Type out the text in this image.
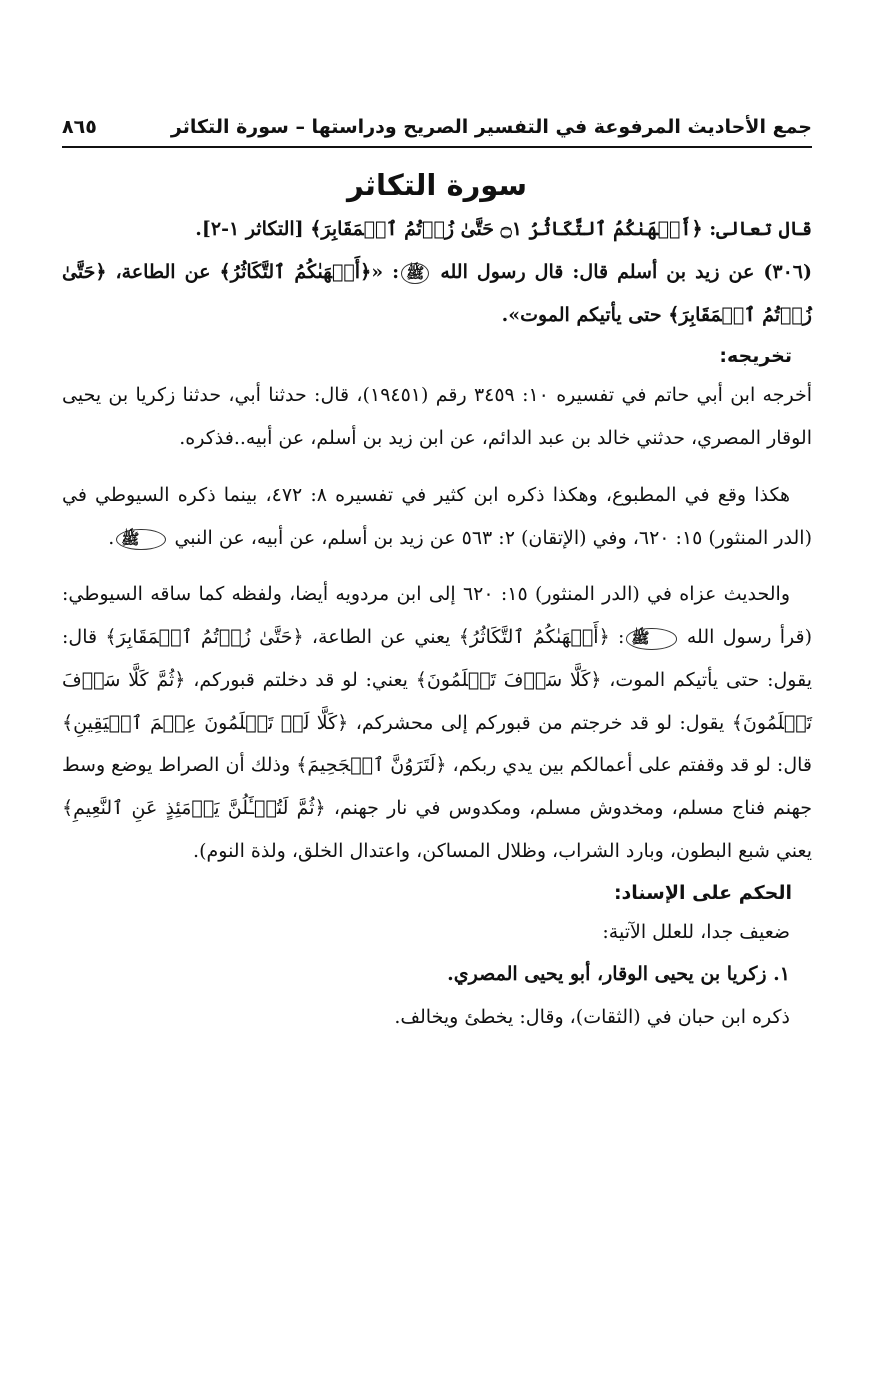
جمع الأحاديث المرفوعة في التفسير الصريح ودراستها – سورة التكاثر
٨٦٥
سورة التكاثر

قال تعالى: ﴿أَلۡهَىٰكُمُ ٱلتَّكَاثُرُ ۝١ حَتَّىٰ زُرۡتُمُ ٱلۡمَقَابِرَ﴾ [التكاثر ١-٢].

(٣٠٦) عن زيد بن أسلم قال: قال رسول الله ﷺ: «﴿أَلۡهَىٰكُمُ ٱلتَّكَاثُرُ﴾ عن الطاعة، ﴿حَتَّىٰ زُرۡتُمُ ٱلۡمَقَابِرَ﴾ حتى يأتيكم الموت».

تخريجه:

أخرجه ابن أبي حاتم في تفسيره ١٠: ٣٤٥٩ رقم (١٩٤٥١)، قال: حدثنا أبي، حدثنا زكريا بن يحيى الوقار المصري، حدثني خالد بن عبد الدائم، عن ابن زيد بن أسلم، عن أبيه..فذكره.

هكذا وقع في المطبوع، وهكذا ذكره ابن كثير في تفسيره ٨: ٤٧٢، بينما ذكره السيوطي في (الدر المنثور) ١٥: ٦٢٠، وفي (الإتقان) ٢: ٥٦٣ عن زيد بن أسلم، عن أبيه، عن النبي ﷺ.

والحديث عزاه في (الدر المنثور) ١٥: ٦٢٠ إلى ابن مردويه أيضا، ولفظه كما ساقه السيوطي: (قرأ رسول الله ﷺ: ﴿أَلۡهَىٰكُمُ ٱلتَّكَاثُرُ﴾ يعني عن الطاعة، ﴿حَتَّىٰ زُرۡتُمُ ٱلۡمَقَابِرَ﴾ قال: يقول: حتى يأتيكم الموت، ﴿كَلَّا سَوۡفَ تَعۡلَمُونَ﴾ يعني: لو قد دخلتم قبوركم، ﴿ثُمَّ كَلَّا سَوۡفَ تَعۡلَمُونَ﴾ يقول: لو قد خرجتم من قبوركم إلى محشركم، ﴿كَلَّا لَوۡ تَعۡلَمُونَ عِلۡمَ ٱلۡيَقِينِ﴾ قال: لو قد وقفتم على أعمالكم بين يدي ربكم، ﴿لَتَرَوُنَّ ٱلۡجَحِيمَ﴾ وذلك أن الصراط يوضع وسط جهنم فناج مسلم، ومخدوش مسلم، ومكدوس في نار جهنم، ﴿ثُمَّ لَتُسۡـَٔلُنَّ يَوۡمَئِذٍ عَنِ ٱلنَّعِيمِ﴾ يعني شبع البطون، وبارد الشراب، وظلال المساكن، واعتدال الخلق، ولذة النوم).

الحكم على الإسناد:

ضعيف جدا، للعلل الآتية:

١. زكريا بن يحيى الوقار، أبو يحيى المصري.

ذكره ابن حبان في (الثقات)، وقال: يخطئ ويخالف.
